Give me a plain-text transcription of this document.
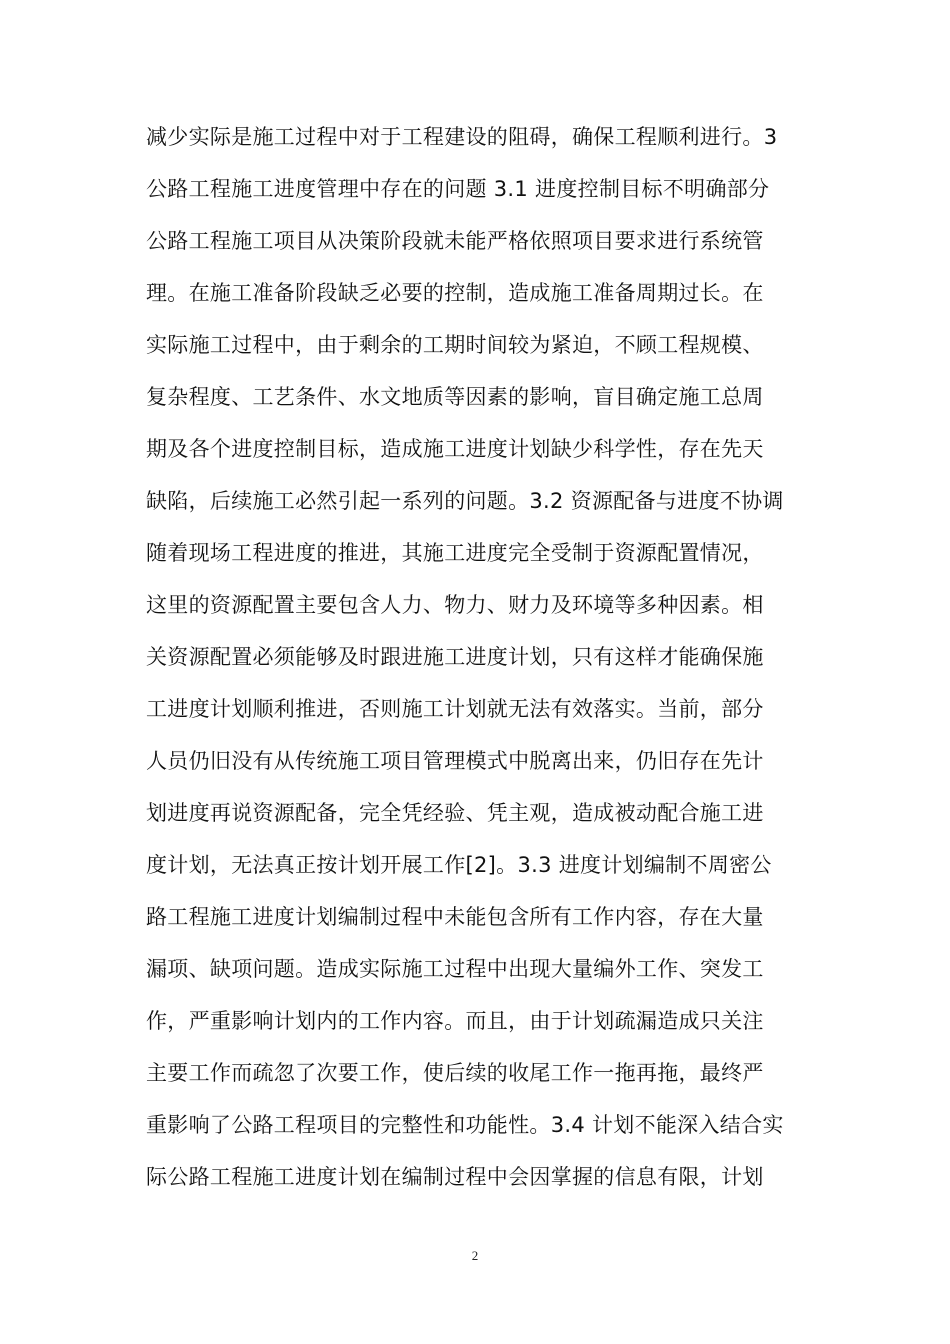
减少实际是施工过程中对于工程建设的阻碍，确保工程顺利进行。3
公路工程施工进度管理中存在的问题 3.1 进度控制目标不明确部分
公路工程施工项目从决策阶段就未能严格依照项目要求进行系统管
理。在施工准备阶段缺乏必要的控制，造成施工准备周期过长。在
实际施工过程中，由于剩余的工期时间较为紧迫，不顾工程规模、
复杂程度、工艺条件、水文地质等因素的影响，盲目确定施工总周
期及各个进度控制目标，造成施工进度计划缺少科学性，存在先天
缺陷，后续施工必然引起一系列的问题。3.2 资源配备与进度不协调
随着现场工程进度的推进，其施工进度完全受制于资源配置情况，
这里的资源配置主要包含人力、物力、财力及环境等多种因素。相
关资源配置必须能够及时跟进施工进度计划，只有这样才能确保施
工进度计划顺利推进，否则施工计划就无法有效落实。当前，部分
人员仍旧没有从传统施工项目管理模式中脱离出来，仍旧存在先计
划进度再说资源配备，完全凭经验、凭主观，造成被动配合施工进
度计划，无法真正按计划开展工作[2]。3.3 进度计划编制不周密公
路工程施工进度计划编制过程中未能包含所有工作内容，存在大量
漏项、缺项问题。造成实际施工过程中出现大量编外工作、突发工
作，严重影响计划内的工作内容。而且，由于计划疏漏造成只关注
主要工作而疏忽了次要工作，使后续的收尾工作一拖再拖，最终严
重影响了公路工程项目的完整性和功能性。3.4 计划不能深入结合实
际公路工程施工进度计划在编制过程中会因掌握的信息有限，计划
2
